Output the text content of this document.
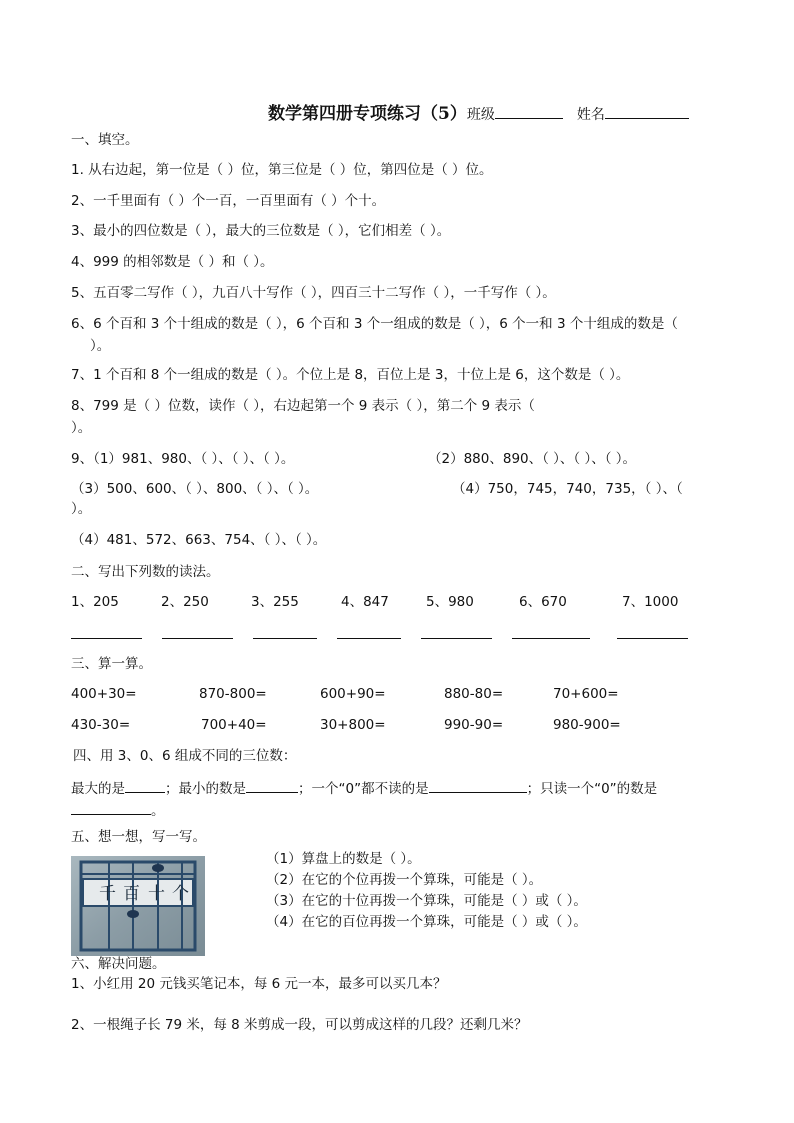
数学第四册专项练习（5）班级	姓名
一、填空。
1. 从右边起，第一位是（ ）位，第三位是（ ）位，第四位是（ ）位。
2、一千里面有（ ）个一百，一百里面有（ ）个十。
3、最小的四位数是（ ），最大的三位数是（ ），它们相差（ ）。
4、999 的相邻数是（ ）和（ ）。
5、五百零二写作（ ），九百八十写作（ ），四百三十二写作（ ），一千写作（ ）。
6、6 个百和 3 个十组成的数是（ ），6 个百和 3 个一组成的数是（ ），6 个一和 3 个十组成的数是（
）。
7、1 个百和 8 个一组成的数是（ ）。个位上是 8，百位上是 3，十位上是 6，这个数是（ ）。
8、799 是（ ）位数，读作（ ），右边起第一个 9 表示（ ），第二个 9 表示（
）。
9、（1）981、980、（ ）、（ ）、（ ）。	（2）880、890、（ ）、（ ）、（ ）。
（3）500、600、（ ）、800、（ ）、（ ）。	（4）750，745，740，735，（ ）、（
）。
（4）481、572、663、754、（ ）、（ ）。
二、写出下列数的读法。
1、205	2、250	3、255	4、847	5、980	6、670	7、1000
三、算一算。
400+30=	870-800=	600+90=	880-80=	70+600=
430-30=	700+40=	30+800=	990-90=	980-900=
四、用 3、0、6 组成不同的三位数：
最大的是	；最小的数是	；一个“0”都不读的是	；只读一个“0”的数是
。
五、想一想，写一写。
千 百 十 个
（1）算盘上的数是（ ）。
（2）在它的个位再拨一个算珠，可能是（ ）。
（3）在它的十位再拨一个算珠，可能是（ ）或（ ）。
（4）在它的百位再拨一个算珠，可能是（ ）或（ ）。
六、解决问题。
1、小红用 20 元钱买笔记本，每 6 元一本，最多可以买几本？
2、一根绳子长 79 米，每 8 米剪成一段，可以剪成这样的几段？还剩几米？
